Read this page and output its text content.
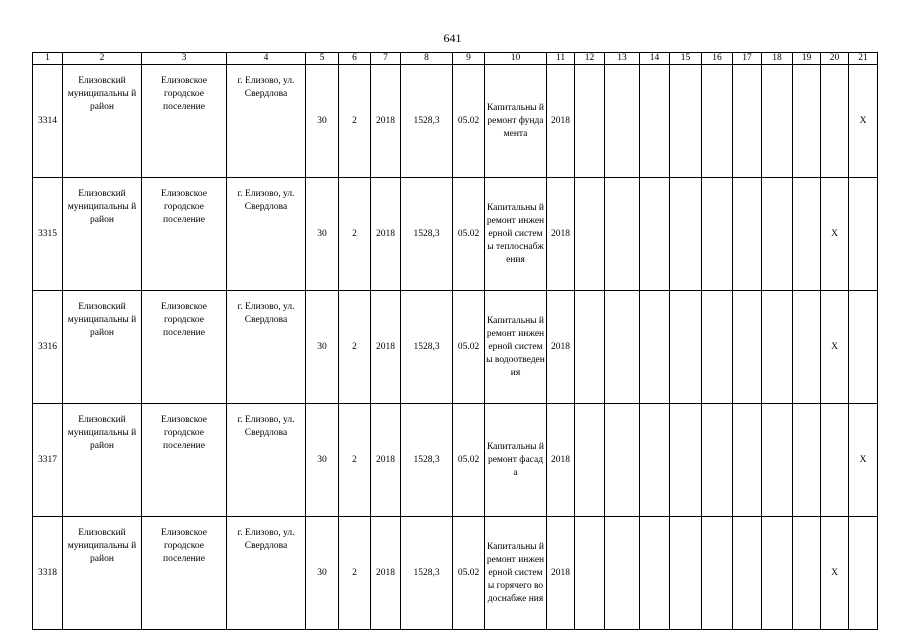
641
1	2	3	4	5	6	7	8	9	10	11	12	13	14	15	16	17	18	19	20	21
3314	Елизовский муниципальны й район	Елизовское городское поселение	г. Елизово, ул. Свердлова	30	2	2018	1528,3	05.02	Капитальны й ремонт фундамента	2018										X
3315	Елизовский муниципальны й район	Елизовское городское поселение	г. Елизово, ул. Свердлова	30	2	2018	1528,3	05.02	Капитальны й ремонт инженерной системы теплоснабж ения	2018									X	
3316	Елизовский муниципальны й район	Елизовское городское поселение	г. Елизово, ул. Свердлова	30	2	2018	1528,3	05.02	Капитальны й ремонт инженерной системы водоотведен ия	2018									X	
3317	Елизовский муниципальны й район	Елизовское городское поселение	г. Елизово, ул. Свердлова	30	2	2018	1528,3	05.02	Капитальны й ремонт фасада	2018										X
3318	Елизовский муниципальны й район	Елизовское городское поселение	г. Елизово, ул. Свердлова	30	2	2018	1528,3	05.02	Капитальны й ремонт инженерной системы горячего водоснабже ния	2018									X	
